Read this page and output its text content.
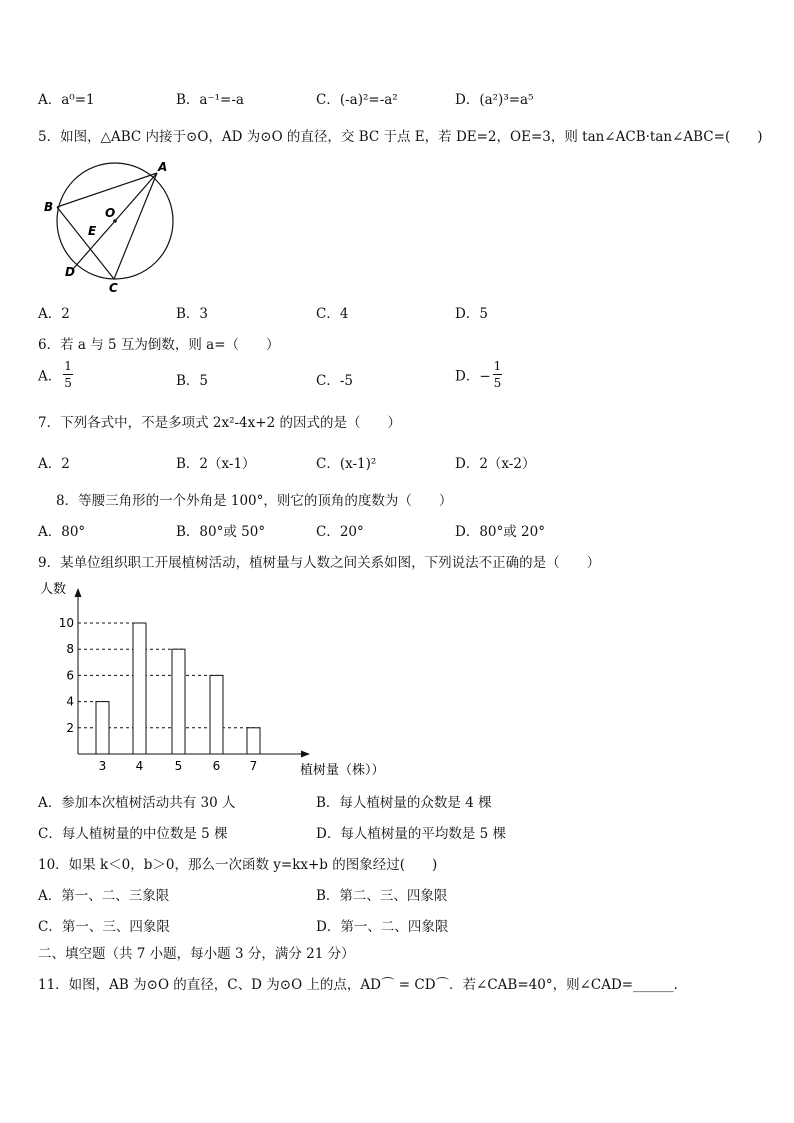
A．a⁰=1	B．a⁻¹=-a	C．(-a)²=-a²	D．(a²)³=a⁵
5．如图，△ABC 内接于⊙O，AD 为⊙O 的直径，交 BC 于点 E，若 DE=2，OE=3，则 tan∠ACB·tan∠ABC=(　　)
A
B
C
D
E
O
A．2	B．3	C．4	D．5
6．若 a 与 5 互为倒数，则 a=（　　）
A． $\frac{1}{5}$	B．5	C．-5	D．− $\frac{1}{5}$
7．下列各式中，不是多项式 2x²-4x+2 的因式的是（　　）
A．2	B．2（x-1）	C．(x-1)²	D．2（x-2）
8．等腰三角形的一个外角是 100°，则它的顶角的度数为（　　）
A．80°	B．80°或 50°	C．20°	D．80°或 20°
9．某单位组织职工开展植树活动，植树量与人数之间关系如图，下列说法不正确的是（　　）
人数
植树量（株））
2
4
6
8
10
3 4	5	6 7
A．参加本次植树活动共有 30 人	B．每人植树量的众数是 4 棵
C．每人植树量的中位数是 5 棵	D．每人植树量的平均数是 5 棵
10．如果 k＜0，b＞0，那么一次函数 y=kx+b 的图象经过(　　)
A．第一、二、三象限	B．第二、三、四象限
C．第一、三、四象限	D．第一、二、四象限
二、填空题（共 7 小题，每小题 3 分，满分 21 分）
11．如图，AB 为⊙O 的直径，C、D 为⊙O 上的点，AD⌒ = CD⌒．若∠CAB=40°，则∠CAD=______．
